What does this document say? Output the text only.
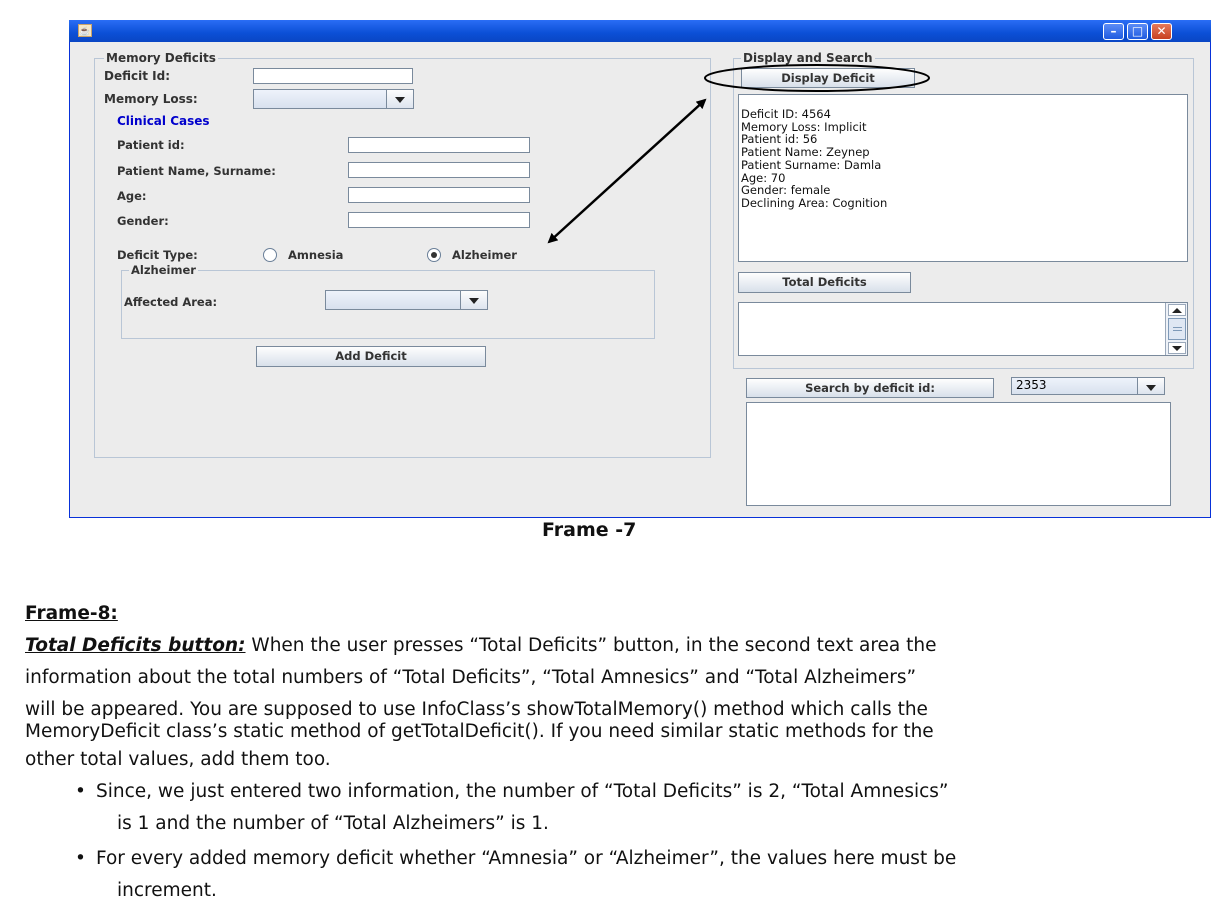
☕	–	□	✕
Memory Deficits
Deficit Id:
Memory Loss:
Clinical Cases
Patient id:
Patient Name, Surname:
Age:
Gender:
Deficit Type:	Amnesia	Alzheimer
Alzheimer
Affected Area:
Add Deficit
Display and Search
Display Deficit
Deficit ID: 4564
Memory Loss: Implicit
Patient id: 56
Patient Name: Zeynep
Patient Surname: Damla
Age: 70
Gender: female
Declining Area: Cognition
Total Deficits
Search by deficit id:	2353
Frame -7
Frame-8:
Total Deficits button: When the user presses “Total Deficits” button, in the second text area the
information about the total numbers of “Total Deficits”, “Total Amnesics” and “Total Alzheimers”
will be appeared. You are supposed to use InfoClass’s showTotalMemory() method which calls the
MemoryDeficit class’s static method of getTotalDeficit(). If you need similar static methods for the
other total values, add them too.
• Since, we just entered two information, the number of “Total Deficits” is 2, “Total Amnesics”
is 1 and the number of “Total Alzheimers” is 1.
• For every added memory deficit whether “Amnesia” or “Alzheimer”, the values here must be
increment.
